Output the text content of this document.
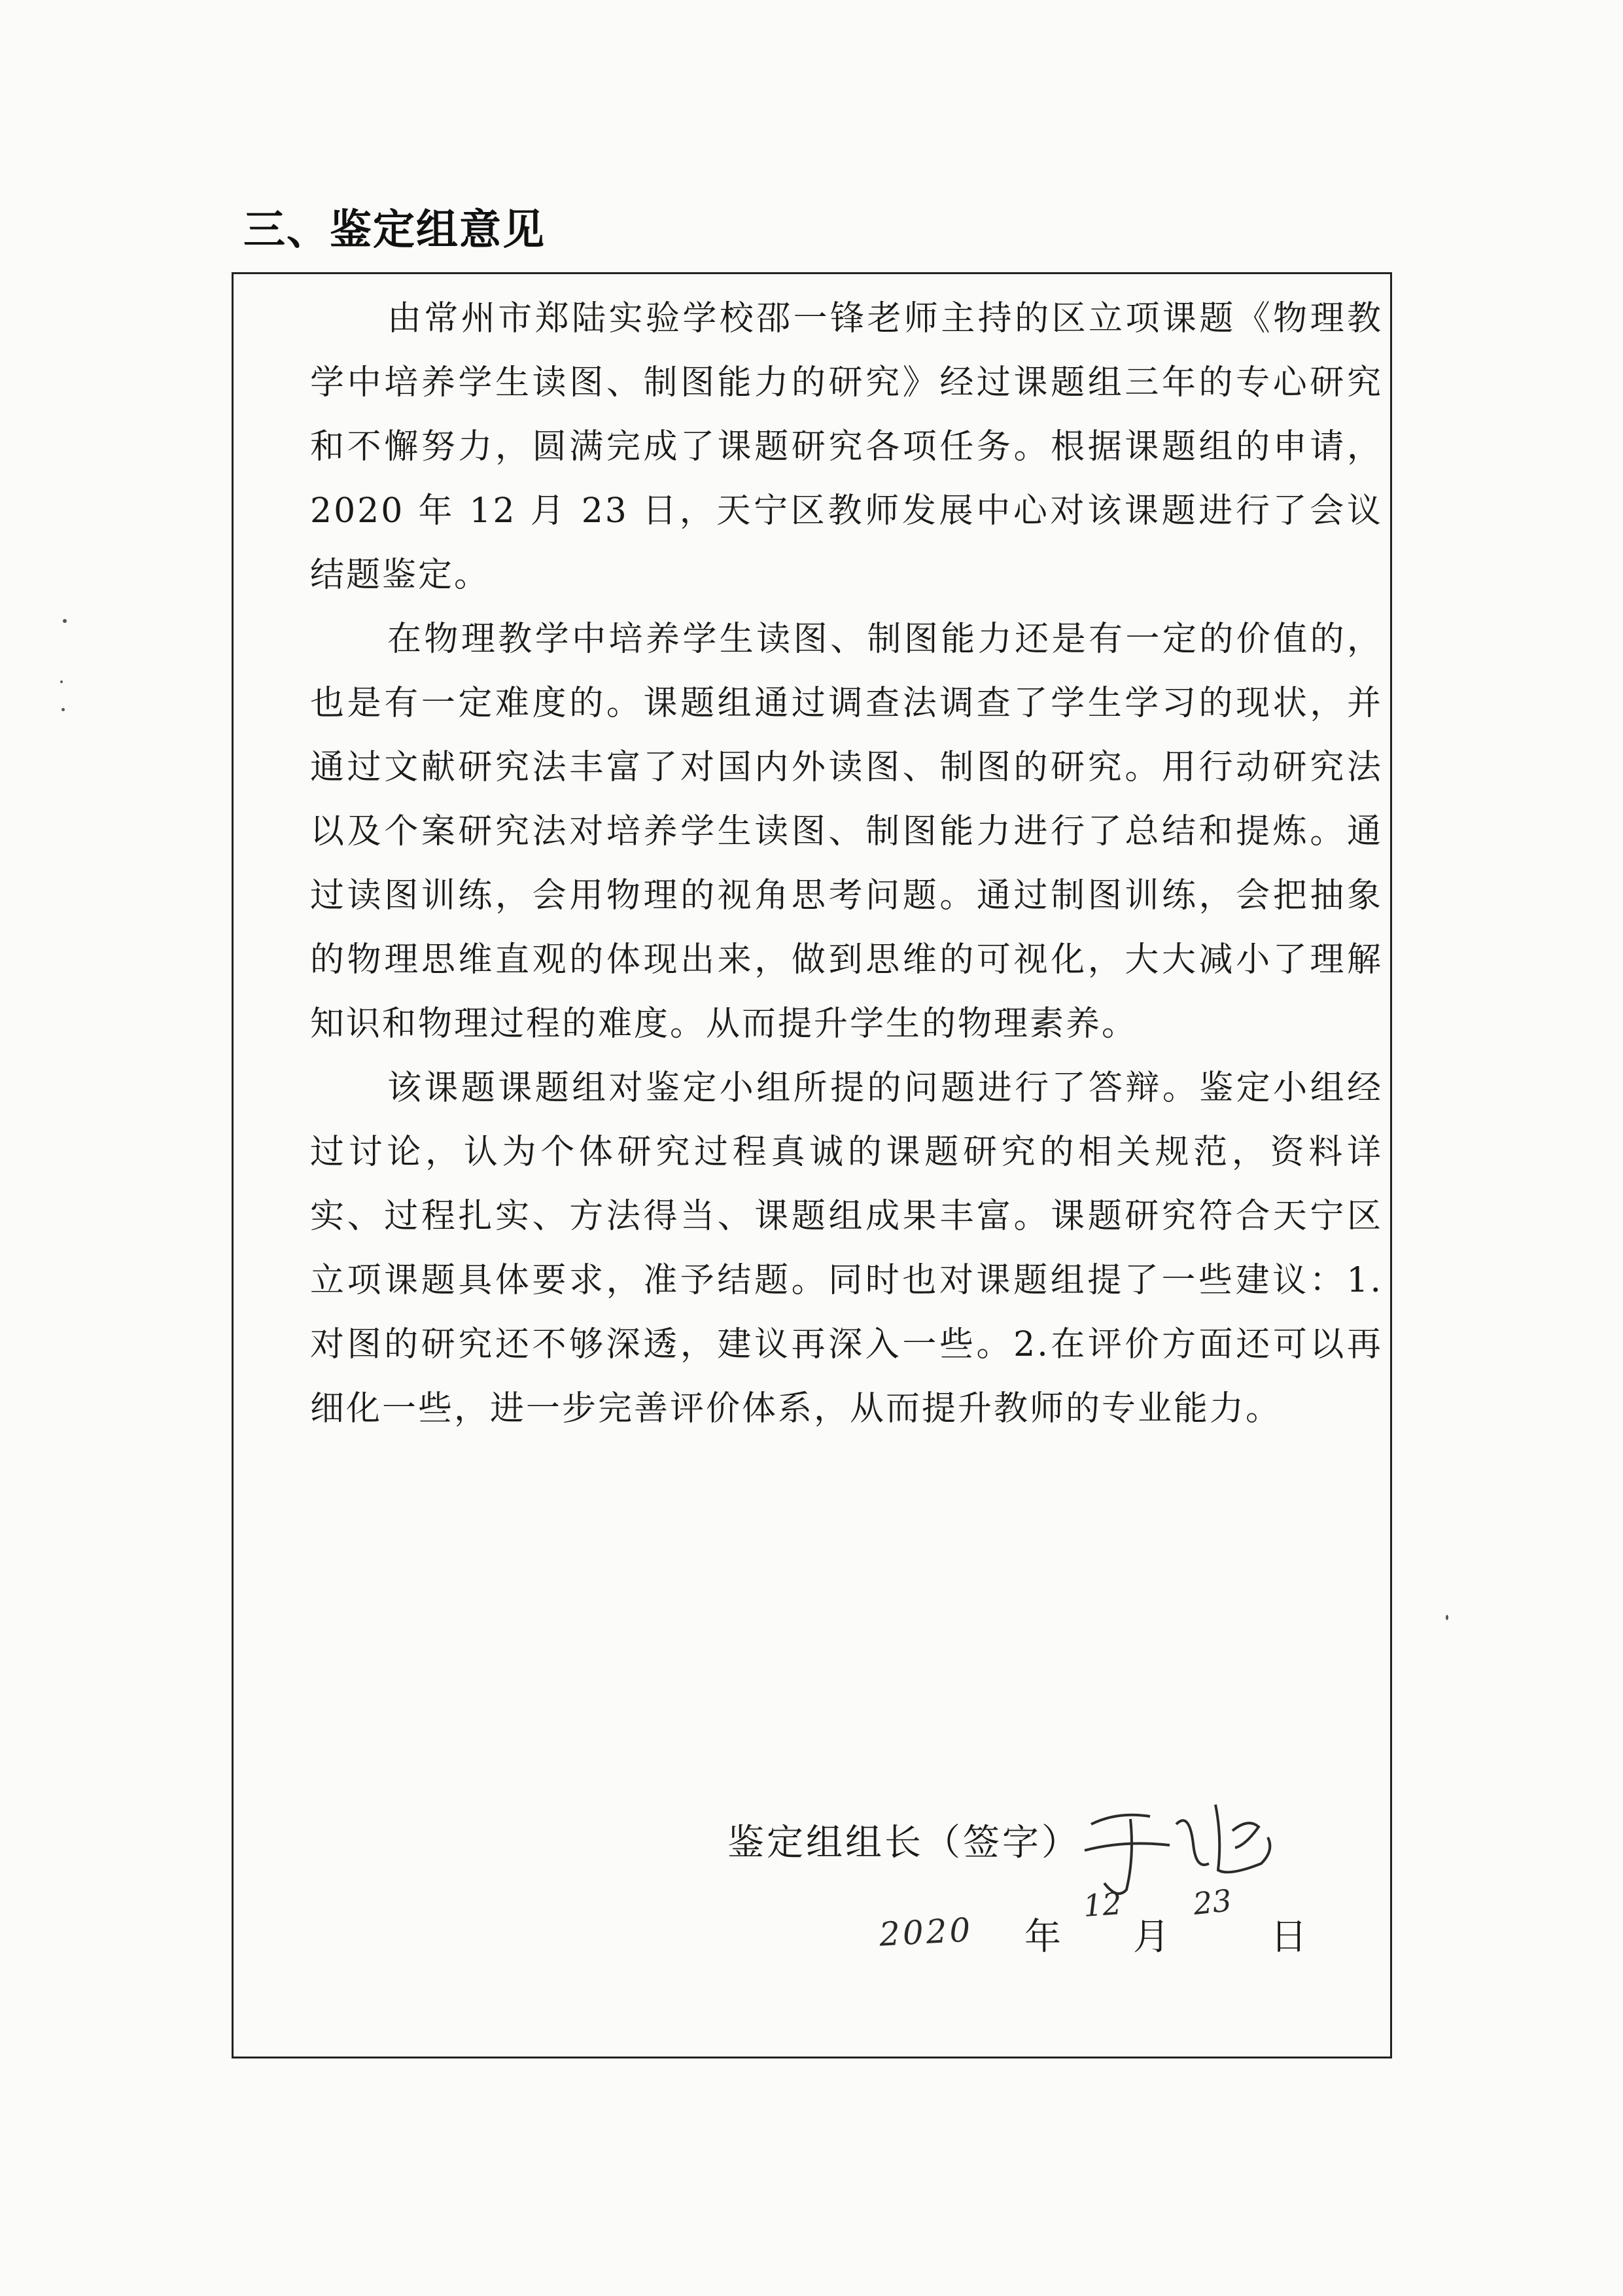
三、鉴定组意见

由常州市郑陆实验学校邵一锋老师主持的区立项课题《物理教学中培养学生读图、制图能力的研究》经过课题组三年的专心研究和不懈努力，圆满完成了课题研究各项任务。根据课题组的申请，2020 年 12 月 23 日，天宁区教师发展中心对该课题进行了会议结题鉴定。

在物理教学中培养学生读图、制图能力还是有一定的价值的，也是有一定难度的。课题组通过调查法调查了学生学习的现状，并通过文献研究法丰富了对国内外读图、制图的研究。用行动研究法以及个案研究法对培养学生读图、制图能力进行了总结和提炼。通过读图训练，会用物理的视角思考问题。通过制图训练，会把抽象的物理思维直观的体现出来，做到思维的可视化，大大减小了理解知识和物理过程的难度。从而提升学生的物理素养。

该课题课题组对鉴定小组所提的问题进行了答辩。鉴定小组经过讨论，认为个体研究过程真诚的课题研究的相关规范，资料详实、过程扎实、方法得当、课题组成果丰富。课题研究符合天宁区立项课题具体要求，准予结题。同时也对课题组提了一些建议：1.对图的研究还不够深透，建议再深入一些。2.在评价方面还可以再细化一些，进一步完善评价体系，从而提升教师的专业能力。

鉴定组组长（签字）
2020 年
12
月
23
日
